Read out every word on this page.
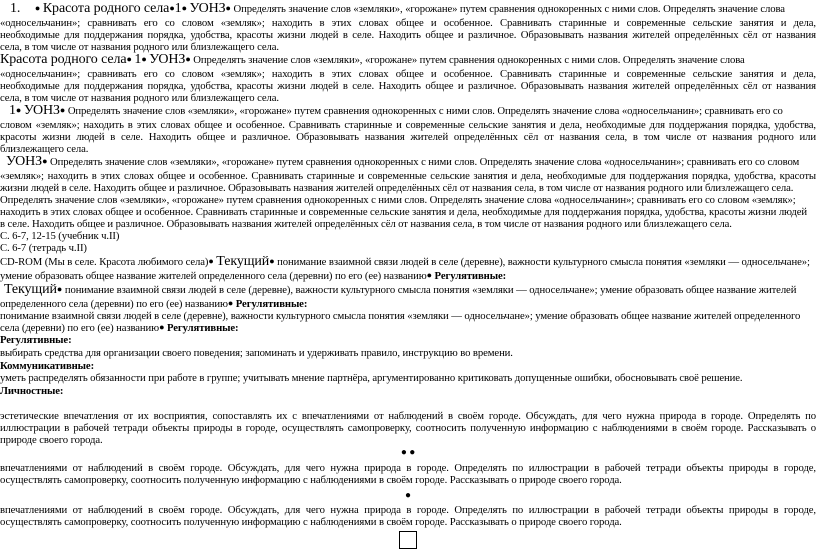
1. ● Красота родного села●1● УОНЗ● Определять значение слов «земляки», «горожане» путем сравнения однокоренных с ними слов. Определять значение слова
«односельчанин»; сравнивать его со словом «земляк»; находить в этих словах общее и особенное. Сравнивать старинные и современные сельские занятия и дела,
необходимые для поддержания порядка, удобства, красоты жизни людей в селе. Находить общее и различное. Образовывать названия жителей определённых сёл от названия
села, в том числе от названия родного или близлежащего села.
Красота родного села● 1● УОНЗ● Определять значение слов «земляки», «горожане» путем сравнения однокоренных с ними слов. Определять значение слова
«односельчанин»; сравнивать его со словом «земляк»; находить в этих словах общее и особенное. Сравнивать старинные и современные сельские занятия и дела,
необходимые для поддержания порядка, удобства, красоты жизни людей в селе. Находить общее и различное. Образовывать названия жителей определённых сёл от названия
села, в том числе от названия родного или близлежащего села.
1● УОНЗ● Определять значение слов «земляки», «горожане» путем сравнения однокоренных с ними слов. Определять значение слова «односельчанин»; сравнивать его со
словом «земляк»; находить в этих словах общее и особенное. Сравнивать старинные и современные сельские занятия и дела, необходимые для поддержания порядка, удобства,
красоты жизни людей в селе. Находить общее и различное. Образовывать названия жителей определённых сёл от названия села, в том числе от названия родного или
близлежащего села.
УОНЗ● Определять значение слов «земляки», «горожане» путем сравнения однокоренных с ними слов. Определять значение слова «односельчанин»; сравнивать его со словом
«земляк»; находить в этих словах общее и особенное. Сравнивать старинные и современные сельские занятия и дела, необходимые для поддержания порядка, удобства, красоты
жизни людей в селе. Находить общее и различное. Образовывать названия жителей определённых сёл от названия села, в том числе от названия родного или близлежащего села.
Определять значение слов «земляки», «горожане» путем сравнения однокоренных с ними слов. Определять значение слова «односельчанин»; сравнивать его со словом «земляк»;
находить в этих словах общее и особенное. Сравнивать старинные и современные сельские занятия и дела, необходимые для поддержания порядка, удобства, красоты жизни людей
в селе. Находить общее и различное. Образовывать названия жителей определённых сёл от названия села, в том числе от названия родного или близлежащего села.
С. 6-7, 12-15 (учебник ч.II)
С. 6-7 (тетрадь ч.II)
CD-ROM (Мы в селе. Красота любимого села)● Текущий● понимание взаимной связи людей в селе (деревне), важности культурного смысла понятия «земляки — односельчане»;
умение образовать общее название жителей определенного села (деревни) по его (ее) названию● Регулятивные:
Текущий● понимание взаимной связи людей в селе (деревне), важности культурного смысла понятия «земляки — односельчане»; умение образовать общее название жителей
определенного села (деревни) по его (ее) названию● Регулятивные:
понимание взаимной связи людей в селе (деревне), важности культурного смысла понятия «земляки — односельчане»; умение образовать общее название жителей определенного
села (деревни) по его (ее) названию● Регулятивные:
Регулятивные:
выбирать средства для организации своего поведения; запоминать и удерживать правило, инструкцию во времени.
Коммуникативные:
уметь распределять обязанности при работе в группе; учитывать мнение партнёра, аргументированно критиковать допущенные ошибки, обосновывать своё решение.
Личностные:
эстетические впечатления от их восприятия, сопоставлять их с впечатлениями от наблюдений в своём городе. Обсуждать, для чего нужна природа в городе. Определять по
иллюстрации в рабочей тетради объекты природы в городе, осуществлять самопроверку, соотносить полученную информацию с наблюдениями в своём городе. Рассказывать о
природе своего города.
● ●
впечатлениями от наблюдений в своём городе. Обсуждать, для чего нужна природа в городе. Определять по иллюстрации в рабочей тетради объекты природы в городе,
осуществлять самопроверку, соотносить полученную информацию с наблюдениями в своём городе. Рассказывать о природе своего города.
●
впечатлениями от наблюдений в своём городе. Обсуждать, для чего нужна природа в городе. Определять по иллюстрации в рабочей тетради объекты природы в городе,
осуществлять самопроверку, соотносить полученную информацию с наблюдениями в своём городе. Рассказывать о природе своего города.
